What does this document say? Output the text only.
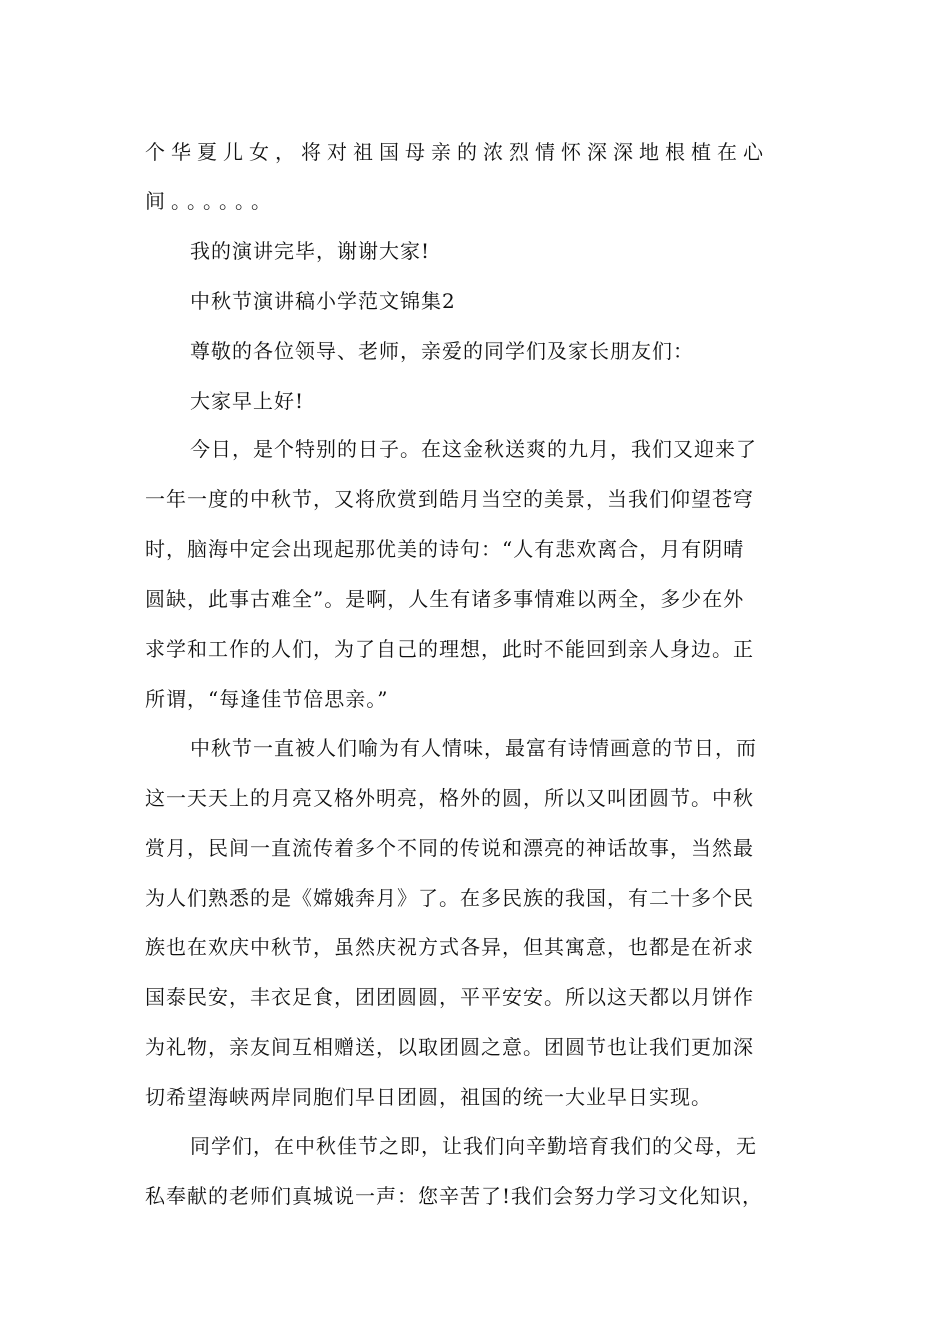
个华夏儿女，将对祖国母亲的浓烈情怀深深地根植在心

间。。。。。。

我的演讲完毕，谢谢大家!

中秋节演讲稿小学范文锦集2

尊敬的各位领导、老师，亲爱的同学们及家长朋友们：

大家早上好!

今日，是个特别的日子。在这金秋送爽的九月，我们又迎来了

一年一度的中秋节，又将欣赏到皓月当空的美景，当我们仰望苍穹

时，脑海中定会出现起那优美的诗句：“人有悲欢离合，月有阴晴

圆缺，此事古难全”。是啊，人生有诸多事情难以两全，多少在外

求学和工作的人们，为了自己的理想，此时不能回到亲人身边。正

所谓，“每逢佳节倍思亲。”

中秋节一直被人们喻为有人情味，最富有诗情画意的节日，而

这一天天上的月亮又格外明亮，格外的圆，所以又叫团圆节。中秋

赏月，民间一直流传着多个不同的传说和漂亮的神话故事，当然最

为人们熟悉的是《嫦娥奔月》了。在多民族的我国，有二十多个民

族也在欢庆中秋节，虽然庆祝方式各异，但其寓意，也都是在祈求

国泰民安，丰衣足食，团团圆圆，平平安安。所以这天都以月饼作

为礼物，亲友间互相赠送，以取团圆之意。团圆节也让我们更加深

切希望海峡两岸同胞们早日团圆，祖国的统一大业早日实现。

同学们，在中秋佳节之即，让我们向辛勤培育我们的父母，无

私奉献的老师们真城说一声：您辛苦了!我们会努力学习文化知识，
